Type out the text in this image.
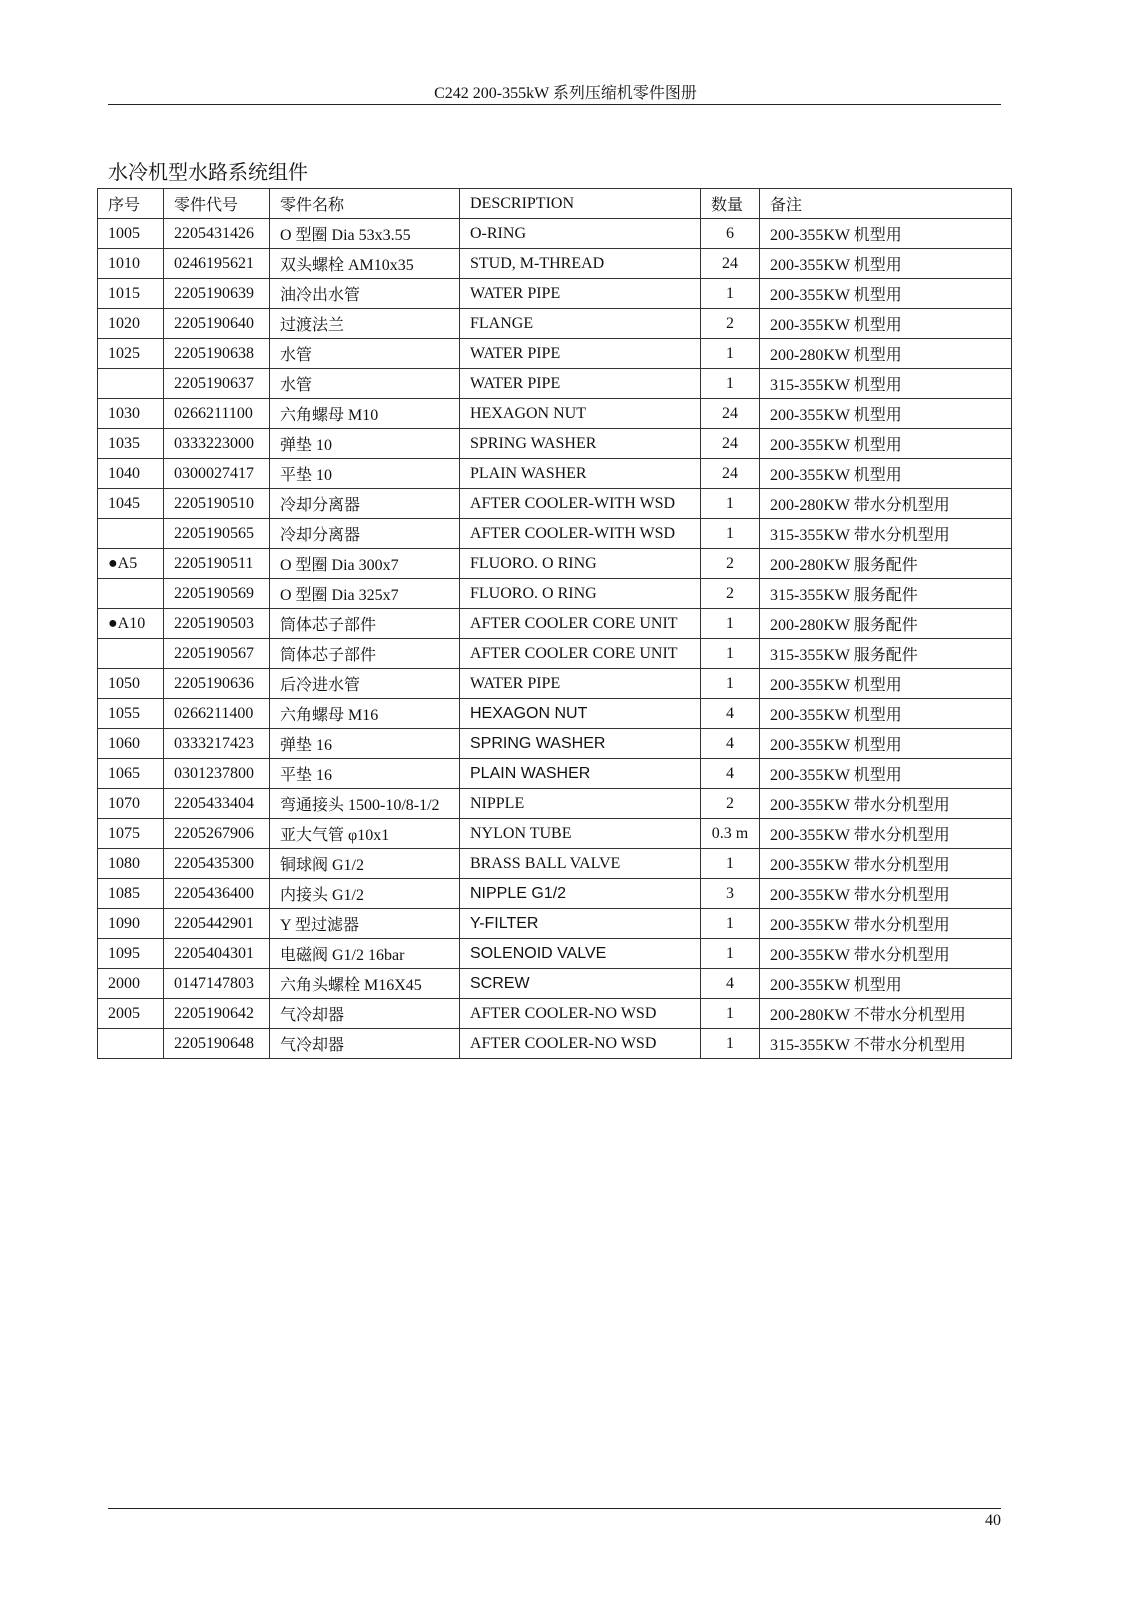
C242 200-355kW 系列压缩机零件图册
水冷机型水路系统组件
序号	零件代号	零件名称	DESCRIPTION	数量	备注
1005	2205431426	O 型圈 Dia 53x3.55	O-RING	6	200-355KW 机型用
1010	0246195621	双头螺栓 AM10x35	STUD, M-THREAD	24	200-355KW 机型用
1015	2205190639	油冷出水管	WATER PIPE	1	200-355KW 机型用
1020	2205190640	过渡法兰	FLANGE	2	200-355KW 机型用
1025	2205190638	水管	WATER PIPE	1	200-280KW 机型用
	2205190637	水管	WATER PIPE	1	315-355KW 机型用
1030	0266211100	六角螺母 M10	HEXAGON NUT	24	200-355KW 机型用
1035	0333223000	弹垫 10	SPRING WASHER	24	200-355KW 机型用
1040	0300027417	平垫 10	PLAIN WASHER	24	200-355KW 机型用
1045	2205190510	冷却分离器	AFTER COOLER-WITH WSD	1	200-280KW 带水分机型用
	2205190565	冷却分离器	AFTER COOLER-WITH WSD	1	315-355KW 带水分机型用
●A5	2205190511	O 型圈 Dia 300x7	FLUORO. O RING	2	200-280KW 服务配件
	2205190569	O 型圈 Dia 325x7	FLUORO. O RING	2	315-355KW 服务配件
●A10	2205190503	筒体芯子部件	AFTER COOLER CORE UNIT	1	200-280KW 服务配件
	2205190567	筒体芯子部件	AFTER COOLER CORE UNIT	1	315-355KW 服务配件
1050	2205190636	后冷进水管	WATER PIPE	1	200-355KW 机型用
1055	0266211400	六角螺母 M16	HEXAGON NUT	4	200-355KW 机型用
1060	0333217423	弹垫 16	SPRING WASHER	4	200-355KW 机型用
1065	0301237800	平垫 16	PLAIN WASHER	4	200-355KW 机型用
1070	2205433404	弯通接头 1500-10/8-1/2	NIPPLE	2	200-355KW 带水分机型用
1075	2205267906	亚大气管 φ10x1	NYLON TUBE	0.3 m	200-355KW 带水分机型用
1080	2205435300	铜球阀 G1/2	BRASS BALL VALVE	1	200-355KW 带水分机型用
1085	2205436400	内接头 G1/2	NIPPLE G1/2	3	200-355KW 带水分机型用
1090	2205442901	Y 型过滤器	Y-FILTER	1	200-355KW 带水分机型用
1095	2205404301	电磁阀 G1/2 16bar	SOLENOID VALVE	1	200-355KW 带水分机型用
2000	0147147803	六角头螺栓 M16X45	SCREW	4	200-355KW 机型用
2005	2205190642	气冷却器	AFTER COOLER-NO WSD	1	200-280KW 不带水分机型用
	2205190648	气冷却器	AFTER COOLER-NO WSD	1	315-355KW 不带水分机型用
40
